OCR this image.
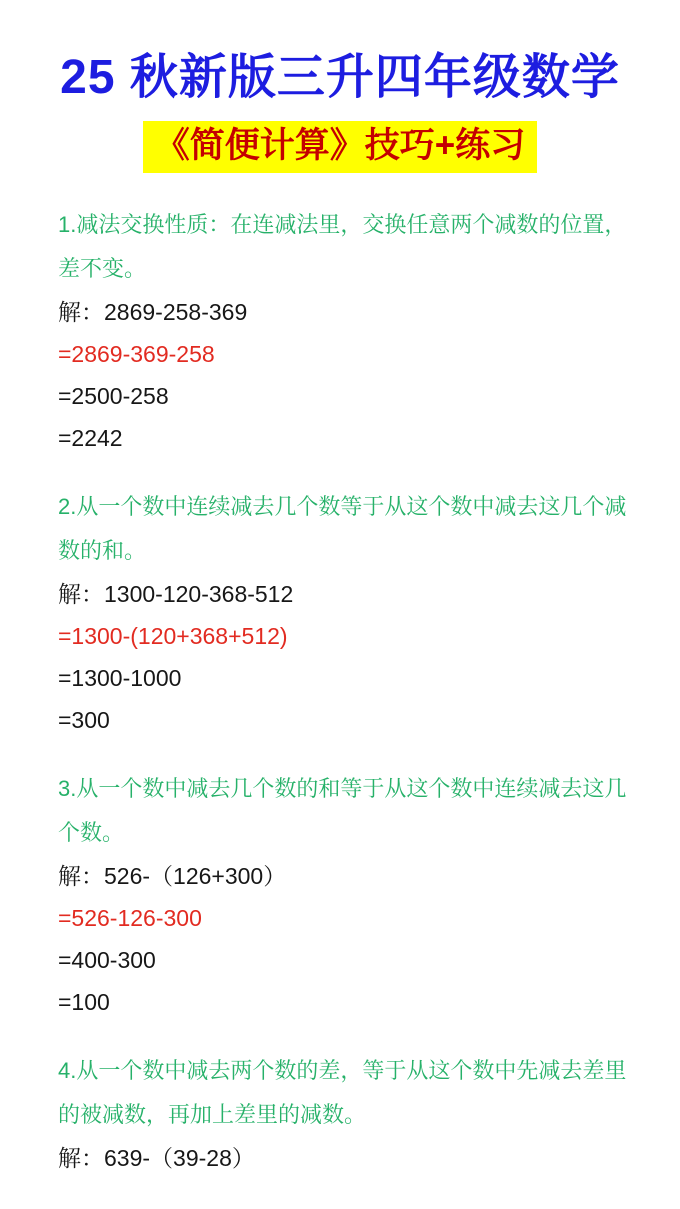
25 秋新版三升四年级数学
《简便计算》技巧+练习

1.减法交换性质：在连减法里，交换任意两个减数的位置，差不变。

解：2869-258-369

=2869-369-258

=2500-258

=2242

2.从一个数中连续减去几个数等于从这个数中减去这几个减数的和。

解：1300-120-368-512

=1300-(120+368+512)

=1300-1000

=300

3.从一个数中减去几个数的和等于从这个数中连续减去这几个数。

解：526-（126+300）

=526-126-300

=400-300

=100

4.从一个数中减去两个数的差，等于从这个数中先减去差里的被减数，再加上差里的减数。

解：639-（39-28）
